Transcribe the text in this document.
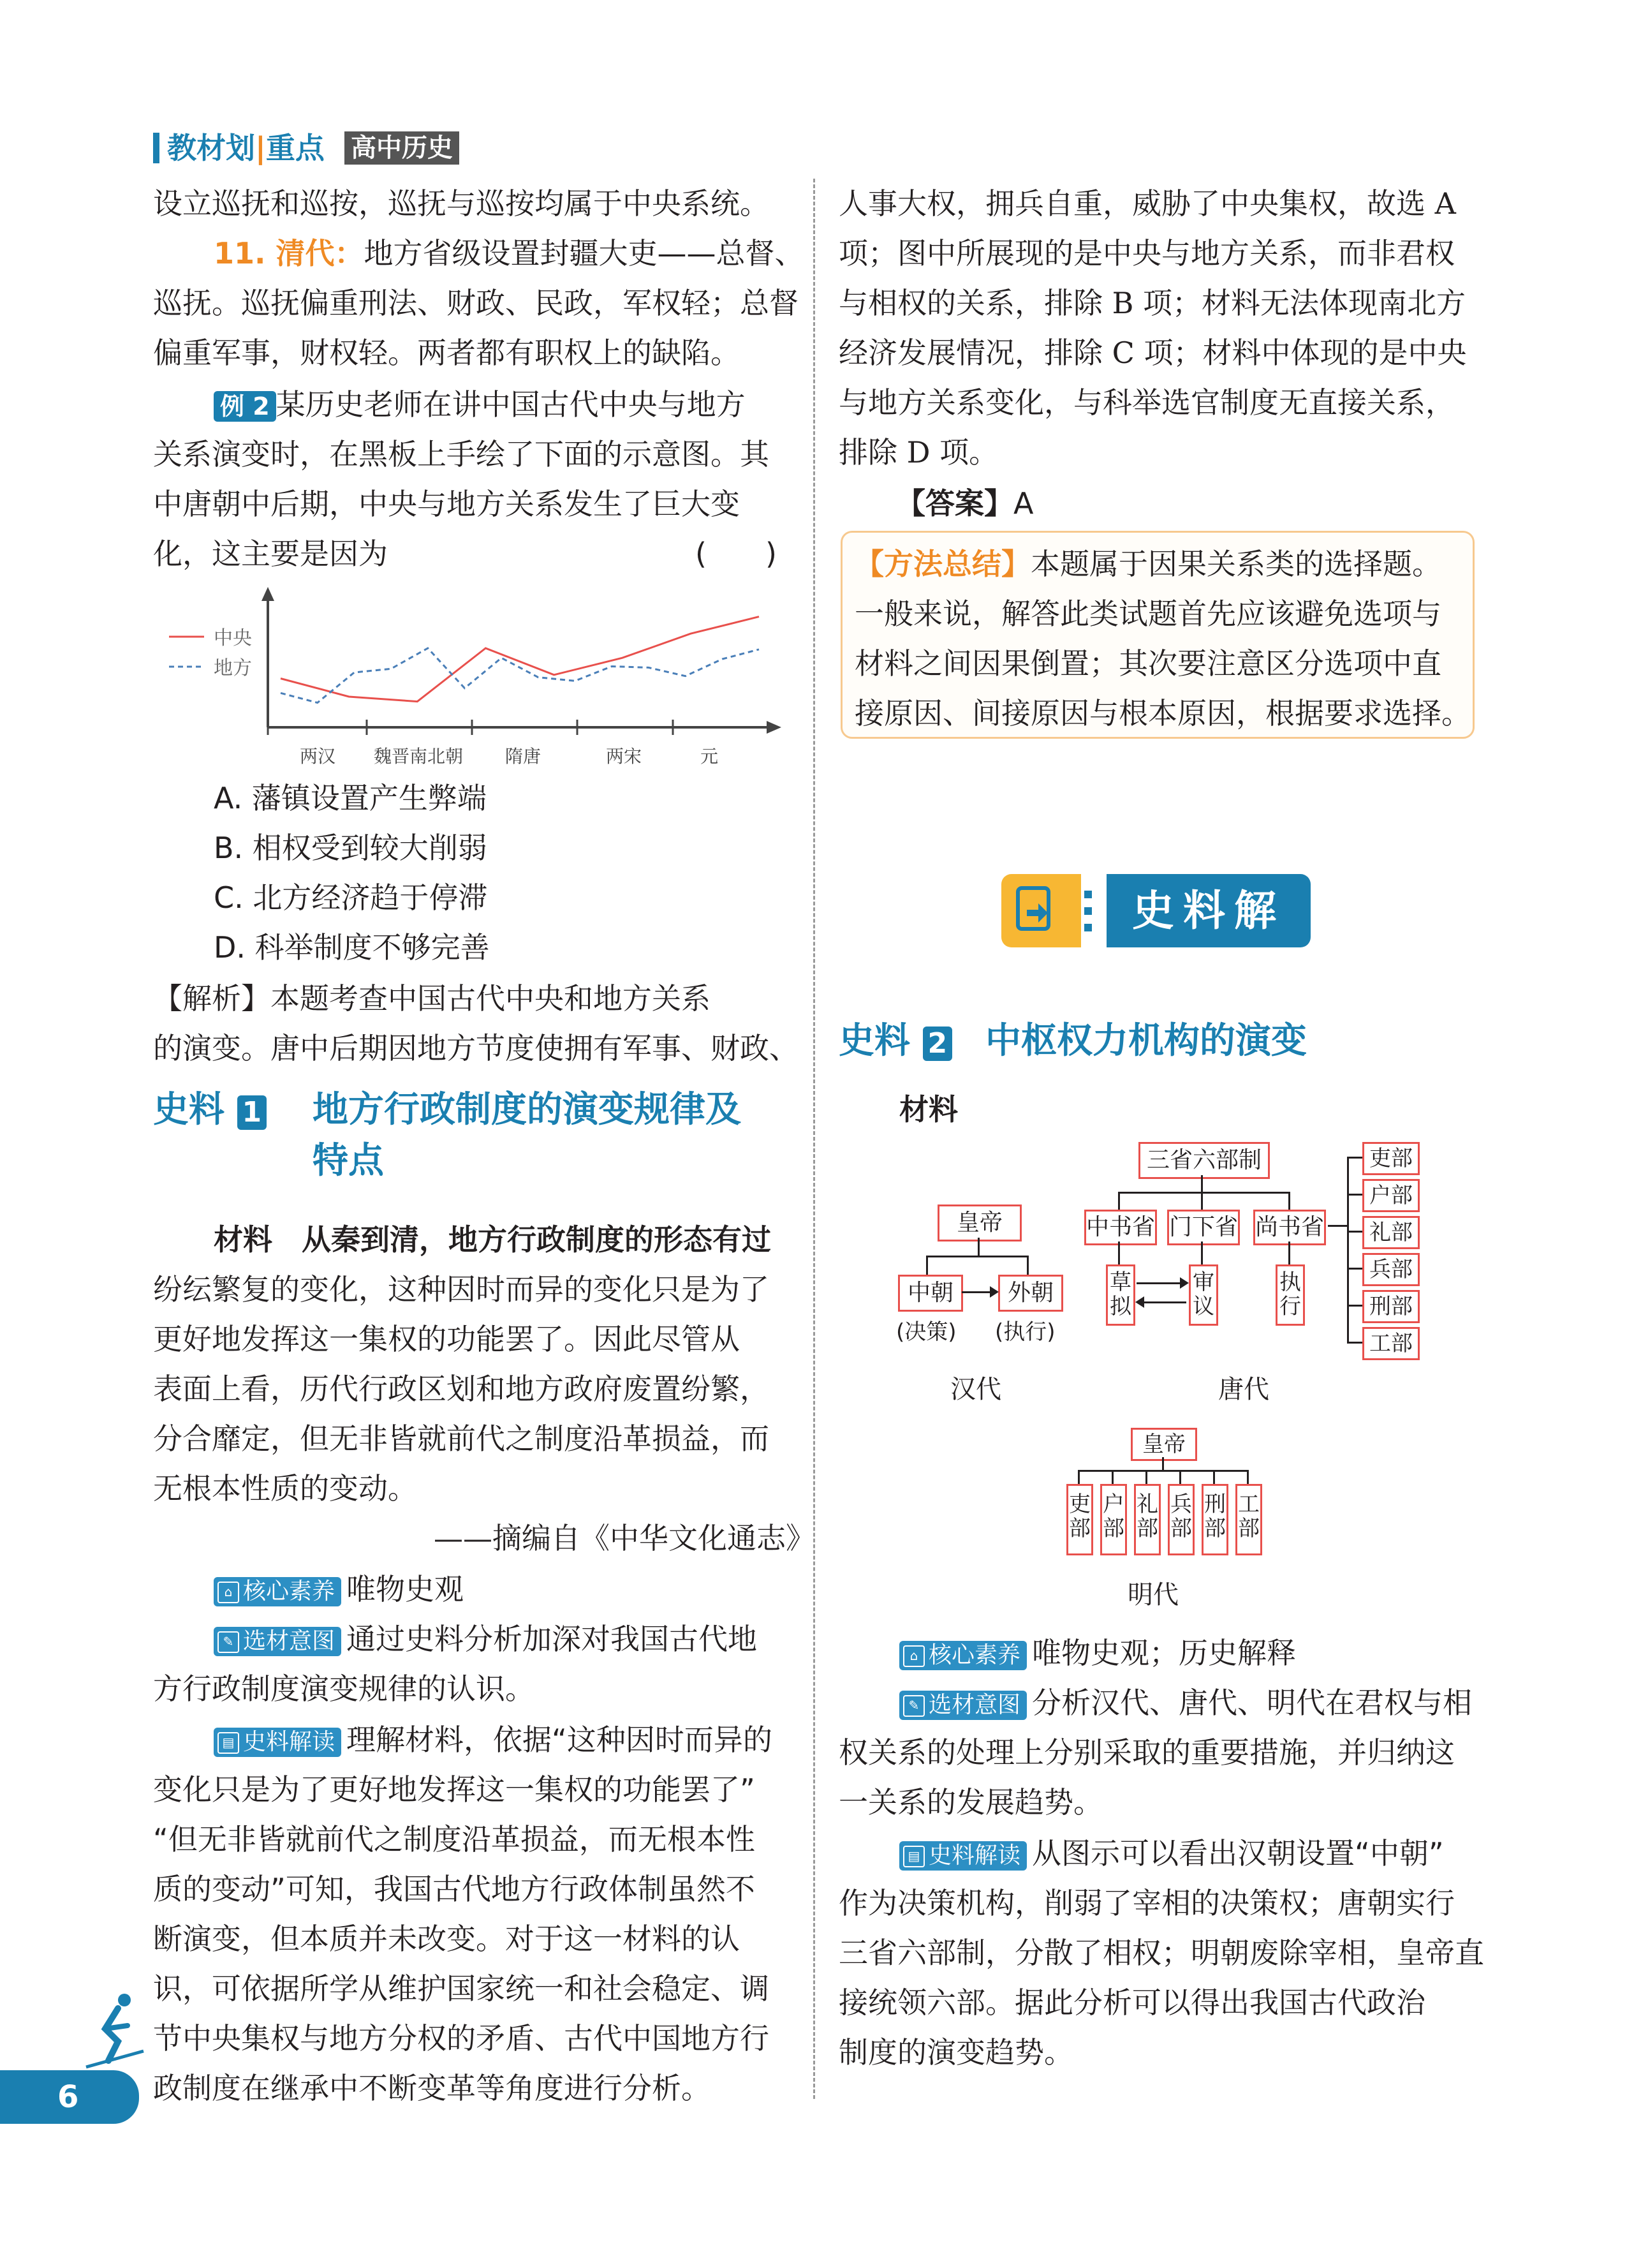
教材划|重点 高中历史

设立巡抚和巡按，巡抚与巡按均属于中央系统。

11. 清代：地方省级设置封疆大吏——总督、

巡抚。巡抚偏重刑法、财政、民政，军权轻；总督

偏重军事，财权轻。两者都有职权上的缺陷。

例 2 某历史老师在讲中国古代中央与地方

关系演变时，在黑板上手绘了下面的示意图。其

中唐朝中后期，中央与地方关系发生了巨大变

化，这主要是因为	(　　)

中央
地方
两汉 魏晋南北朝 隋唐	两宋	元

A. 藩镇设置产生弊端

B. 相权受到较大削弱

C. 北方经济趋于停滞

D. 科举制度不够完善

【解析】本题考查中国古代中央和地方关系

的演变。唐中后期因地方节度使拥有军事、财政、

史料 1	地方行政制度的演变规律及
特点

材料　从秦到清，地方行政制度的形态有过

纷纭繁复的变化，这种因时而异的变化只是为了

更好地发挥这一集权的功能罢了。因此尽管从

表面上看，历代行政区划和地方政府废置纷繁，

分合靡定，但无非皆就前代之制度沿革损益，而

无根本性质的变动。

——摘编自《中华文化通志》

⌂ 核心素养 唯物史观

✎ 选材意图 通过史料分析加深对我国古代地

方行政制度演变规律的认识。

▤ 史料解读 理解材料，依据“这种因时而异的

变化只是为了更好地发挥这一集权的功能罢了”

“但无非皆就前代之制度沿革损益，而无根本性

质的变动”可知，我国古代地方行政体制虽然不

断演变，但本质并未改变。对于这一材料的认

识，可依据所学从维护国家统一和社会稳定、调

节中央集权与地方分权的矛盾、古代中国地方行

政制度在继承中不断变革等角度进行分析。

6

人事大权，拥兵自重，威胁了中央集权，故选 A

项；图中所展现的是中央与地方关系，而非君权

与相权的关系，排除 B 项；材料无法体现南北方

经济发展情况，排除 C 项；材料中体现的是中央

与地方关系变化，与科举选官制度无直接关系，

排除 D 项。

【答案】A

【方法总结】本题属于因果关系类的选择题。

一般来说，解答此类试题首先应该避免选项与

材料之间因果倒置；其次要注意区分选项中直

接原因、间接原因与根本原因，根据要求选择。

史料解
史料 2 中枢权力机构的演变

材料

皇帝
中朝	外朝
(决策) (执行)
汉代
三省六部制
中书省 门下省 尚书省
草拟
审议
执行
吏部
户部
礼部
兵部
刑部
工部
唐代
皇帝
吏部
户部
礼部
兵部
刑部
工部
明代

⌂ 核心素养 唯物史观；历史解释

✎ 选材意图 分析汉代、唐代、明代在君权与相

权关系的处理上分别采取的重要措施，并归纳这

一关系的发展趋势。

▤ 史料解读 从图示可以看出汉朝设置“中朝”

作为决策机构，削弱了宰相的决策权；唐朝实行

三省六部制，分散了相权；明朝废除宰相，皇帝直

接统领六部。据此分析可以得出我国古代政治

制度的演变趋势。
